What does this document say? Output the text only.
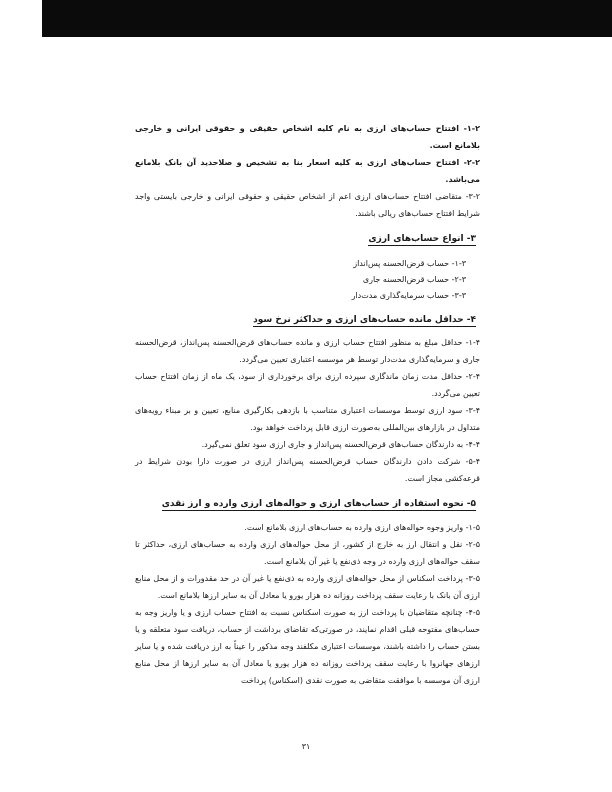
۱-۲- افتتاح حساب‌های ارزی به نام کلیه اشخاص حقیقی و حقوقی ایرانی و خارجی بلامانع است.

۲-۲- افتتاح حساب‌های ارزی به کلیه اسعار بنا به تشخیص و صلاحدید آن بانک بلامانع می‌باشد.

۳-۲- متقاضی افتتاح حساب‌های ارزی اعم از اشخاص حقیقی و حقوقی ایرانی و خارجی بایستی واجد شرایط افتتاح حساب‌های ریالی باشند.

۳- انواع حساب‌های ارزی

۱-۳- حساب قرض‌الحسنه پس‌انداز

۲-۳- حساب قرض‌الحسنه جاری

۳-۳- حساب سرمایه‌گذاری مدت‌دار

۴- حداقل مانده حساب‌های ارزی و حداکثر نرخ سود

۱-۴- حداقل مبلغ به منظور افتتاح حساب ارزی و مانده حساب‌های قرض‌الحسنه پس‌انداز، قرض‌الحسنه جاری و سرمایه‌گذاری مدت‌دار توسط هر موسسه اعتباری تعیین می‌گردد.

۲-۴- حداقل مدت زمان ماندگاری سپرده ارزی برای برخورداری از سود، یک ماه از زمان افتتاح حساب تعیین می‌گردد.

۳-۴- سود ارزی توسط موسسات اعتباری متناسب با بازدهی بکارگیری منابع، تعیین و بر مبناء رویه‌های متداول در بازارهای بین‌المللی به‌صورت ارزی قابل پرداخت خواهد بود.

۴-۴- به دارندگان حساب‌های قرض‌الحسنه پس‌انداز و جاری ارزی سود تعلق نمی‌گیرد.

۵-۴- شرکت دادن دارندگان حساب قرض‌الحسنه پس‌انداز ارزی در صورت دارا بودن شرایط در قرعه‌کشی مجاز است.

۵- نحوه استفاده از حساب‌های ارزی و حواله‌های ارزی وارده و ارز نقدی

۱-۵- واریز وجوه حواله‌های ارزی وارده به حساب‌های ارزی بلامانع است.

۲-۵- نقل و انتقال ارز به خارج از کشور، از محل حواله‌های ارزی وارده به حساب‌های ارزی، حداکثر تا سقف حواله‌های ارزی وارده در وجه ذی‌نفع یا غیر آن بلامانع است.

۳-۵- پرداخت اسکناس از محل حواله‌های ارزی وارده به ذی‌نفع یا غیر آن در حد مقدورات و از محل منابع ارزی آن بانک با رعایت سقف پرداخت روزانه ده هزار یورو یا معادل آن به سایر ارزها بلامانع است.

۴-۵- چنانچه متقاضیان با پرداخت ارز به صورت اسکناس نسبت به افتتاح حساب ارزی و یا واریز وجه به حساب‌های مفتوحه قبلی اقدام نمایند، در صورتی‌که تقاضای برداشت از حساب، دریافت سود متعلقه و یا بستن حساب را داشته باشند، موسسات اعتباری مکلفند وجه مذکور را عیناً به ارز دریافت شده و یا سایر ارزهای جهانروا با رعایت سقف پرداخت روزانه ده هزار یورو یا معادل آن به سایر ارزها از محل منابع ارزی آن موسسه با موافقت متقاضی به صورت نقدی (اسکناس) پرداخت

۳۱
